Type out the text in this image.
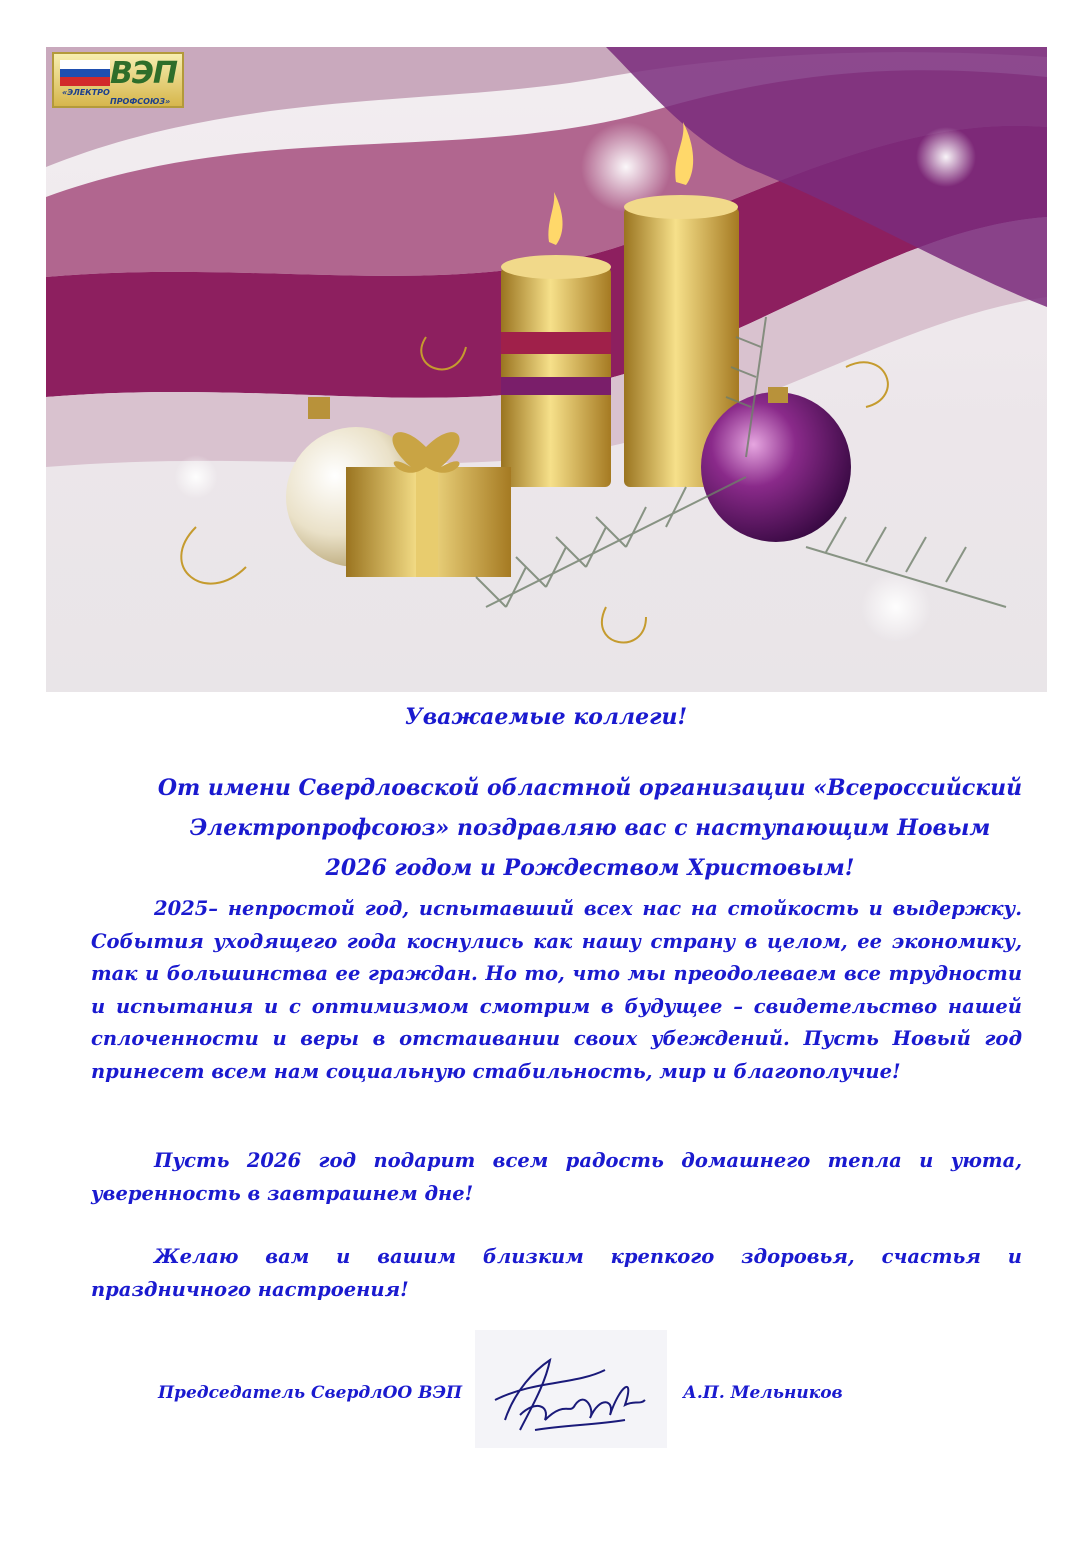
ВЭП
«ЭЛЕКТРО
ПРОФСОЮЗ»
Уважаемые коллеги!
От имени Свердловской областной организации «Всероссийский
Электропрофсоюз» поздравляю вас с наступающим Новым
2026 годом и Рождеством Христовым!

2025– непростой год, испытавший всех нас на стойкость и выдержку. События уходящего года коснулись как нашу страну в целом, ее экономику, так и большинства ее граждан. Но то, что мы преодолеваем все трудности и испытания и с оптимизмом смотрим в будущее – свидетельство нашей сплоченности и веры в отстаивании своих убеждений. Пусть Новый год принесет всем нам социальную стабильность, мир и благополучие!

Пусть 2026 год подарит всем радость домашнего тепла и уюта, уверенность в завтрашнем дне!

Желаю вам и вашим близким крепкого здоровья, счастья и праздничного настроения!

Председатель СвердлОО ВЭП	А.П. Мельников
